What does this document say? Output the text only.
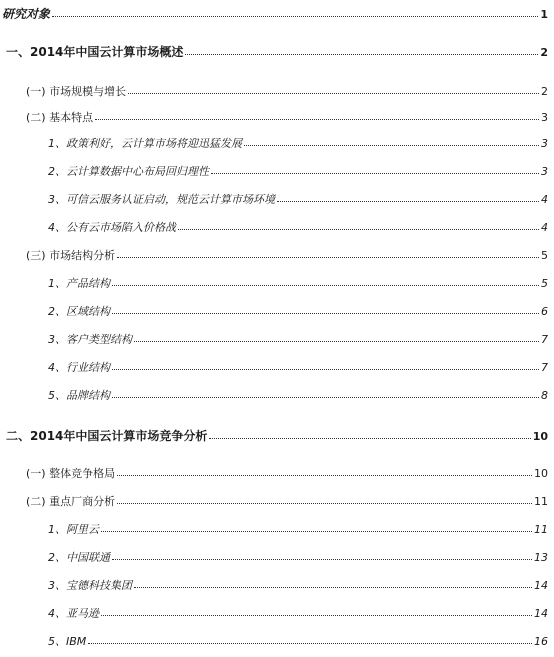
研究对象	1
一、2014年中国云计算市场概述	2
(一) 市场规模与增长	2
(二) 基本特点	3
1、政策利好，云计算市场将迎迅猛发展	3
2、云计算数据中心布局回归理性	3
3、可信云服务认证启动，规范云计算市场环境	4
4、公有云市场陷入价格战	4
(三) 市场结构分析	5
1、产品结构	5
2、区域结构	6
3、客户类型结构	7
4、行业结构	7
5、品牌结构	8
二、2014年中国云计算市场竞争分析	10
(一) 整体竞争格局	10
(二) 重点厂商分析	11
1、阿里云	11
2、中国联通	13
3、宝德科技集团	14
4、亚马逊	14
5、IBM	16
